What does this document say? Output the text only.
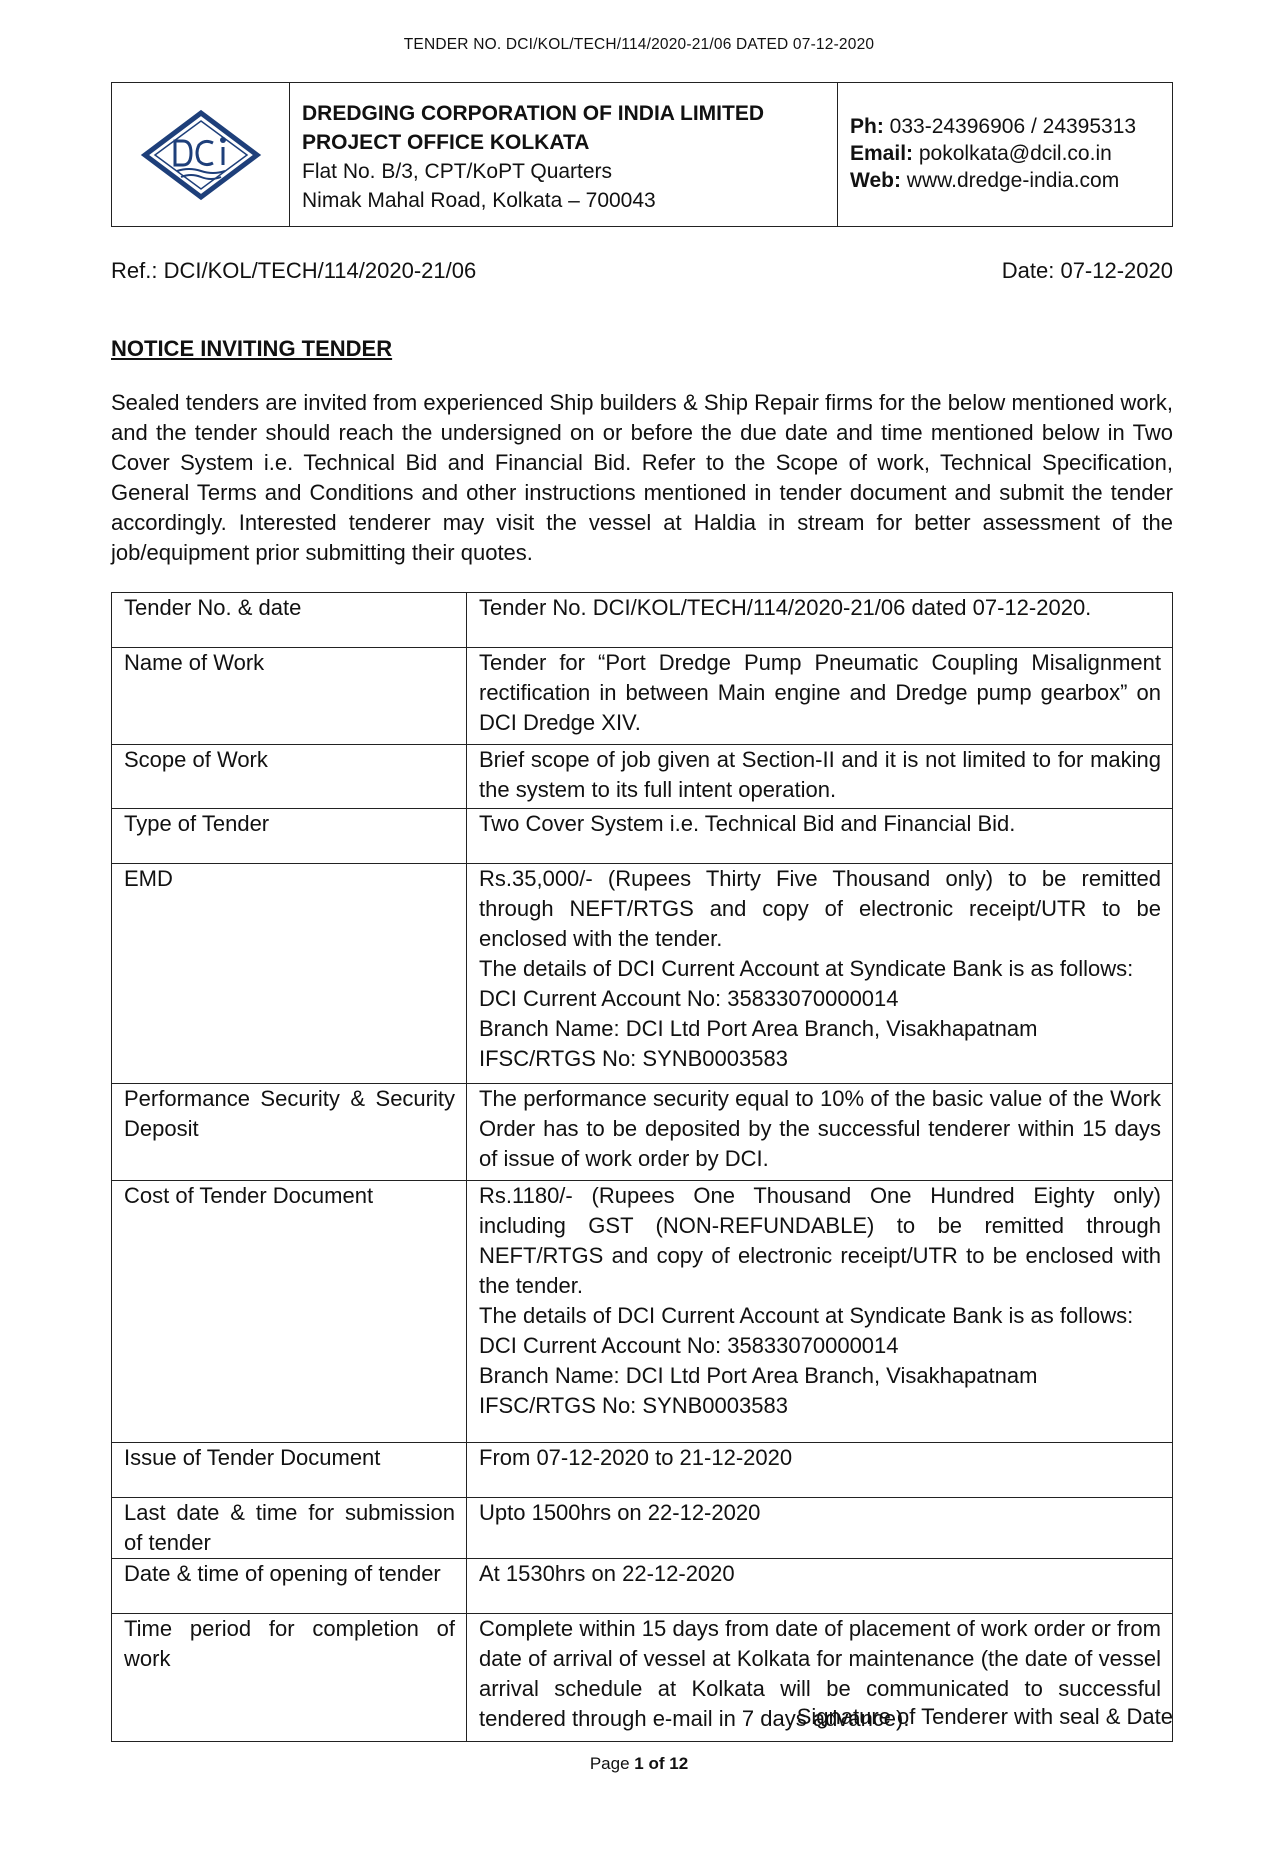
TENDER NO. DCI/KOL/TECH/114/2020-21/06 DATED 07-12-2020
DREDGING CORPORATION OF INDIA LIMITED
PROJECT OFFICE KOLKATA
Flat No. B/3, CPT/KoPT Quarters
Nimak Mahal Road, Kolkata – 700043
Ph: 033-24396906 / 24395313
Email: pokolkata@dcil.co.in
Web: www.dredge-india.com
Ref.: DCI/KOL/TECH/114/2020-21/06	Date: 07-12-2020
NOTICE INVITING TENDER

Sealed tenders are invited from experienced Ship builders & Ship Repair firms for the below mentioned work, and the tender should reach the undersigned on or before the due date and time mentioned below in Two Cover System i.e. Technical Bid and Financial Bid. Refer to the Scope of work, Technical Specification, General Terms and Conditions and other instructions mentioned in tender document and submit the tender accordingly. Interested tenderer may visit the vessel at Haldia in stream for better assessment of the job/equipment prior submitting their quotes.

Tender No. & date	Tender No. DCI/KOL/TECH/114/2020-21/06 dated 07-12-2020.

Name of Work	Tender for “Port Dredge Pump Pneumatic Coupling Misalignment rectification in between Main engine and Dredge pump gearbox” on DCI Dredge XIV.

Scope of Work	Brief scope of job given at Section-II and it is not limited to for making the system to its full intent operation.

Type of Tender	Two Cover System i.e. Technical Bid and Financial Bid.

EMD	Rs.35,000/- (Rupees Thirty Five Thousand only) to be remitted through NEFT/RTGS and copy of electronic receipt/UTR to be enclosed with the tender.
The details of DCI Current Account at Syndicate Bank is as follows:
DCI Current Account No: 35833070000014
Branch Name: DCI Ltd Port Area Branch, Visakhapatnam
IFSC/RTGS No: SYNB0003583

Performance Security & Security Deposit	The performance security equal to 10% of the basic value of the Work Order has to be deposited by the successful tenderer within 15 days of issue of work order by DCI.

Cost of Tender Document	Rs.1180/- (Rupees One Thousand One Hundred Eighty only) including GST (NON-REFUNDABLE) to be remitted through NEFT/RTGS and copy of electronic receipt/UTR to be enclosed with the tender.
The details of DCI Current Account at Syndicate Bank is as follows:
DCI Current Account No: 35833070000014
Branch Name: DCI Ltd Port Area Branch, Visakhapatnam
IFSC/RTGS No: SYNB0003583

Issue of Tender Document	From 07-12-2020 to 21-12-2020

Last date & time for submission of tender	Upto 1500hrs on 22-12-2020

Date & time of opening of tender	At 1530hrs on 22-12-2020

Time period for completion of work	Complete within 15 days from date of placement of work order or from date of arrival of vessel at Kolkata for maintenance (the date of vessel arrival schedule at Kolkata will be communicated to successful tendered through e-mail in 7 days advance).
Signature of Tenderer with seal & Date
Page 1 of 12
